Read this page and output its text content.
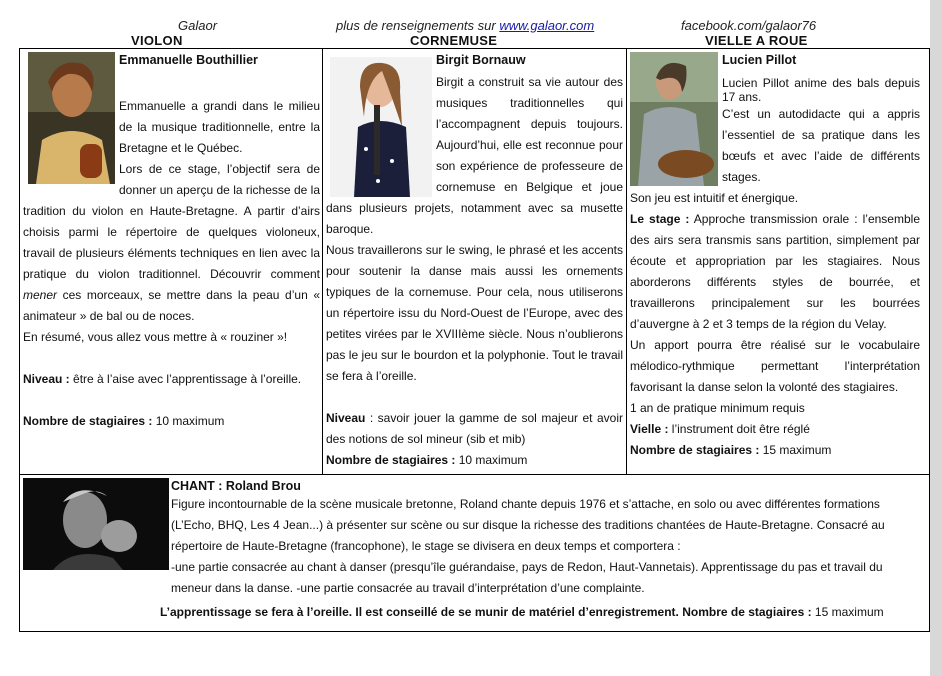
Galaor	plus de renseignements sur www.galaor.com	facebook.com/galaor76
VIOLON	CORNEMUSE	VIELLE A ROUE
Emmanuelle Bouthillier

Emmanuelle a grandi dans le milieu de la musique traditionnelle, entre la Bretagne et le Québec.

Lors de ce stage, l’objectif sera de donner un aperçu de la richesse de la tradition du violon en Haute-Bretagne. A partir d’airs choisis parmi le répertoire de quelques violoneux, travail de plusieurs éléments techniques en lien avec la pratique du violon traditionnel. Découvrir comment mener ces morceaux, se mettre dans la peau d’un « animateur » de bal ou de noces.

En résumé, vous allez vous mettre à « rouziner »!

Niveau : être à l’aise avec l’apprentissage à l’oreille.

Nombre de stagiaires : 10 maximum

Birgit Bornauw

Birgit a construit sa vie autour des musiques traditionnelles qui l’accompagnent depuis toujours. Aujourd’hui, elle est reconnue pour son expérience de professeure de cornemuse en Belgique et joue dans plusieurs projets, notamment avec sa musette baroque.

Nous travaillerons sur le swing, le phrasé et les accents pour soutenir la danse mais aussi les ornements typiques de la cornemuse. Pour cela, nous utiliserons un répertoire issu du Nord-Ouest de l’Europe, avec des petites virées par le XVIIIème siècle. Nous n’oublierons pas le jeu sur le bourdon et la polyphonie. Tout le travail se fera à l’oreille.

Niveau : savoir jouer la gamme de sol majeur et avoir des notions de sol mineur (sib et mib)

Nombre de stagiaires : 10 maximum

Lucien Pillot

Lucien Pillot anime des bals depuis 17 ans.

C’est un autodidacte qui a appris l’essentiel de sa pratique dans les bœufs et avec l’aide de différents stages.

Son jeu est intuitif et énergique.

Le stage : Approche transmission orale : l’ensemble des airs sera transmis sans partition, simplement par écoute et appropriation par les stagiaires. Nous aborderons différents styles de bourrée, et travaillerons principalement sur les bourrées d’auvergne à 2 et 3 temps de la région du Velay.

Un apport pourra être réalisé sur le vocabulaire mélodico-rythmique permettant l’interprétation favorisant la danse selon la volonté des stagiaires.

1 an de pratique minimum requis

Vielle : l’instrument doit être réglé

Nombre de stagiaires : 15 maximum

CHANT : Roland Brou

Figure incontournable de la scène musicale bretonne, Roland chante depuis 1976 et s’attache, en solo ou avec différentes formations (L’Echo, BHQ, Les 4 Jean...) à présenter sur scène ou sur disque la richesse des traditions chantées de Haute-Bretagne. Consacré au répertoire de Haute-Bretagne (francophone), le stage se divisera en deux temps et comportera :

-une partie consacrée au chant à danser (presqu’île guérandaise, pays de Redon, Haut-Vannetais). Apprentissage du pas et travail du meneur dans la danse. -une partie consacrée au travail d’interprétation d’une complainte.

L’apprentissage se fera à l’oreille. Il est conseillé de se munir de matériel d’enregistrement. Nombre de stagiaires : 15 maximum
